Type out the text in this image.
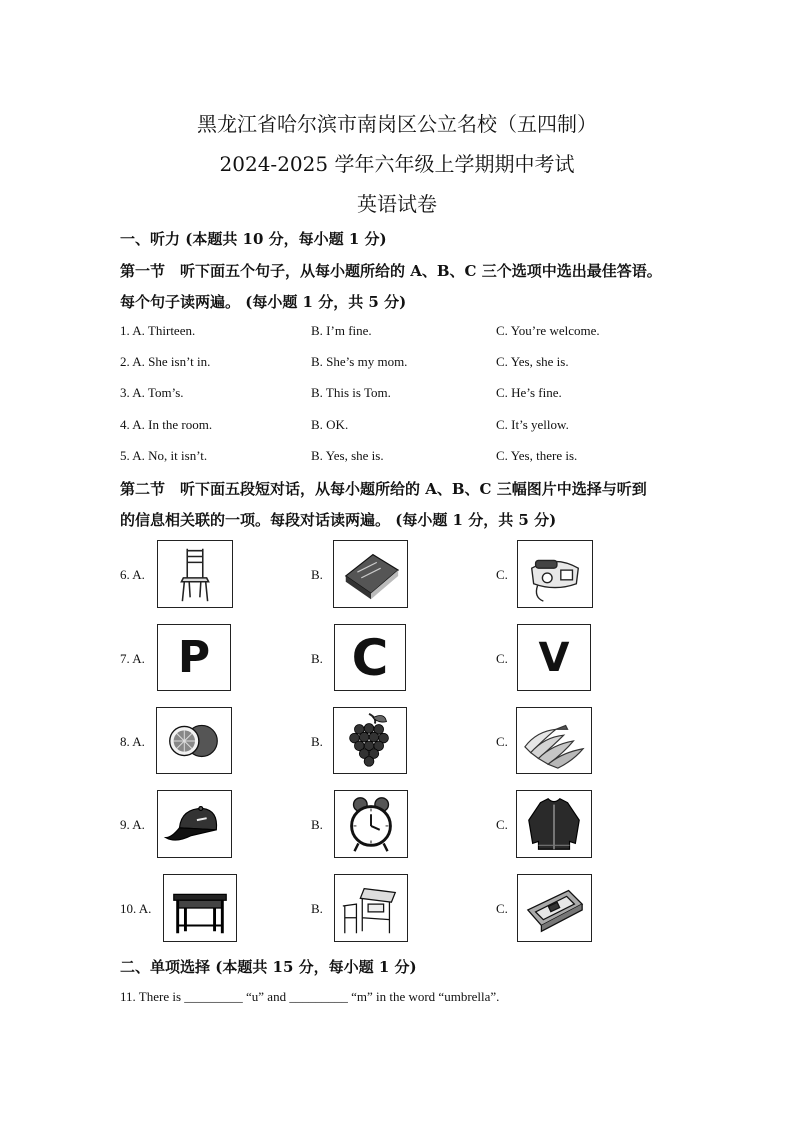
黑龙江省哈尔滨市南岗区公立名校（五四制）
2024-2025 学年六年级上学期期中考试
英语试卷
一、听力 (本题共 10 分，每小题 1 分)
第一节　听下面五个句子，从每小题所给的 A、B、C 三个选项中选出最佳答语。
每个句子读两遍。 (每小题 1 分，共 5 分)
1. A. Thirteen.	B. I’m fine.	C. You’re welcome.
2. A. She isn’t in.	B. She’s my mom.	C. Yes, she is.
3. A. Tom’s.	B. This is Tom.	C. He’s fine.
4. A. In the room.	B. OK.	C. It’s yellow.
5. A. No, it isn’t.	B. Yes, she is.	C. Yes, there is.
第二节　听下面五段短对话，从每小题所给的 A、B、C 三幅图片中选择与听到
的信息相关联的一项。每段对话读两遍。 (每小题 1 分，共 5 分)
6. A.	B.	C.
7. A. P	B. C	C. V
8. A.	B.	C.
9. A.	B.	C.
10. A.	B.	C.
二、单项选择 (本题共 15 分，每小题 1 分)
11. There is _________ “u” and _________ “m” in the word “umbrella”.
